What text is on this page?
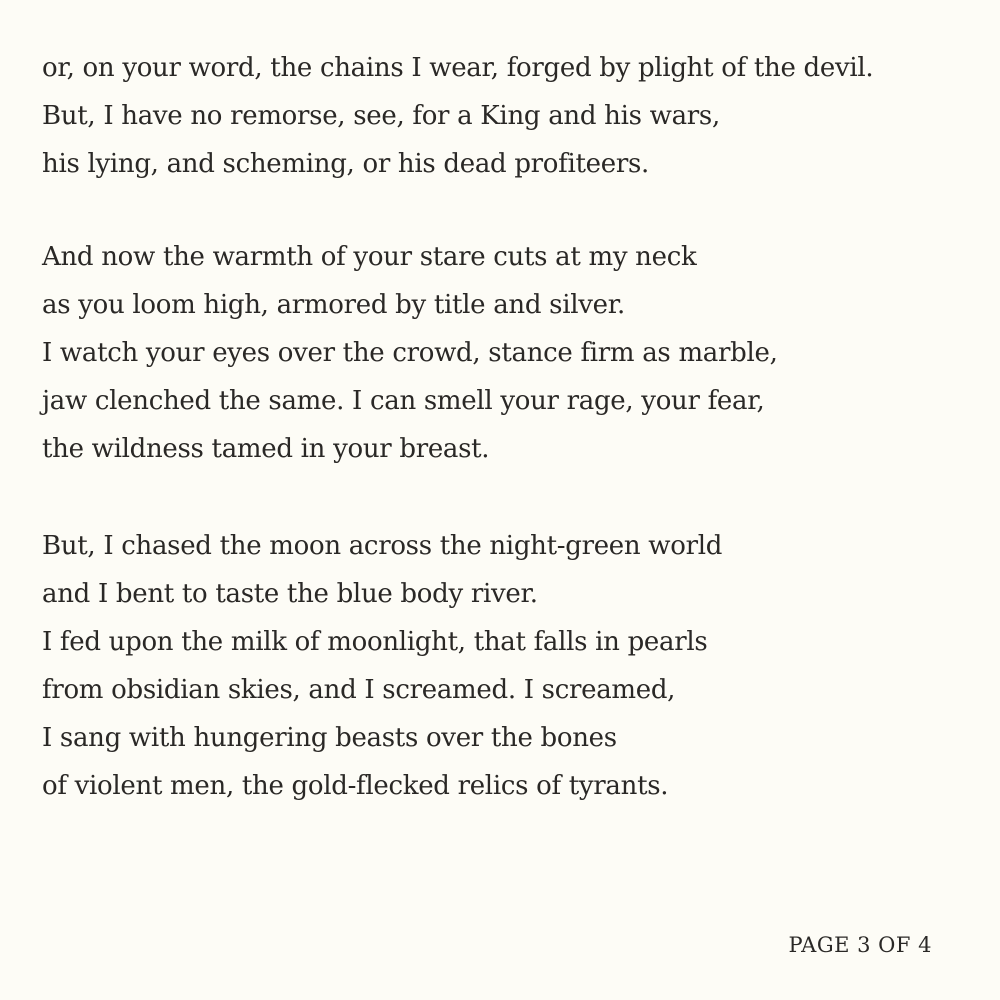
or, on your word, the chains I wear, forged by plight of the devil.
But, I have no remorse, see, for a King and his wars,
his lying, and scheming, or his dead profiteers.
And now the warmth of your stare cuts at my neck
as you loom high, armored by title and silver.
I watch your eyes over the crowd, stance firm as marble,
jaw clenched the same. I can smell your rage, your fear,
the wildness tamed in your breast.
But, I chased the moon across the night-green world
and I bent to taste the blue body river.
I fed upon the milk of moonlight, that falls in pearls
from obsidian skies, and I screamed. I screamed,
I sang with hungering beasts over the bones
of violent men, the gold-flecked relics of tyrants.
PAGE 3 OF 4
